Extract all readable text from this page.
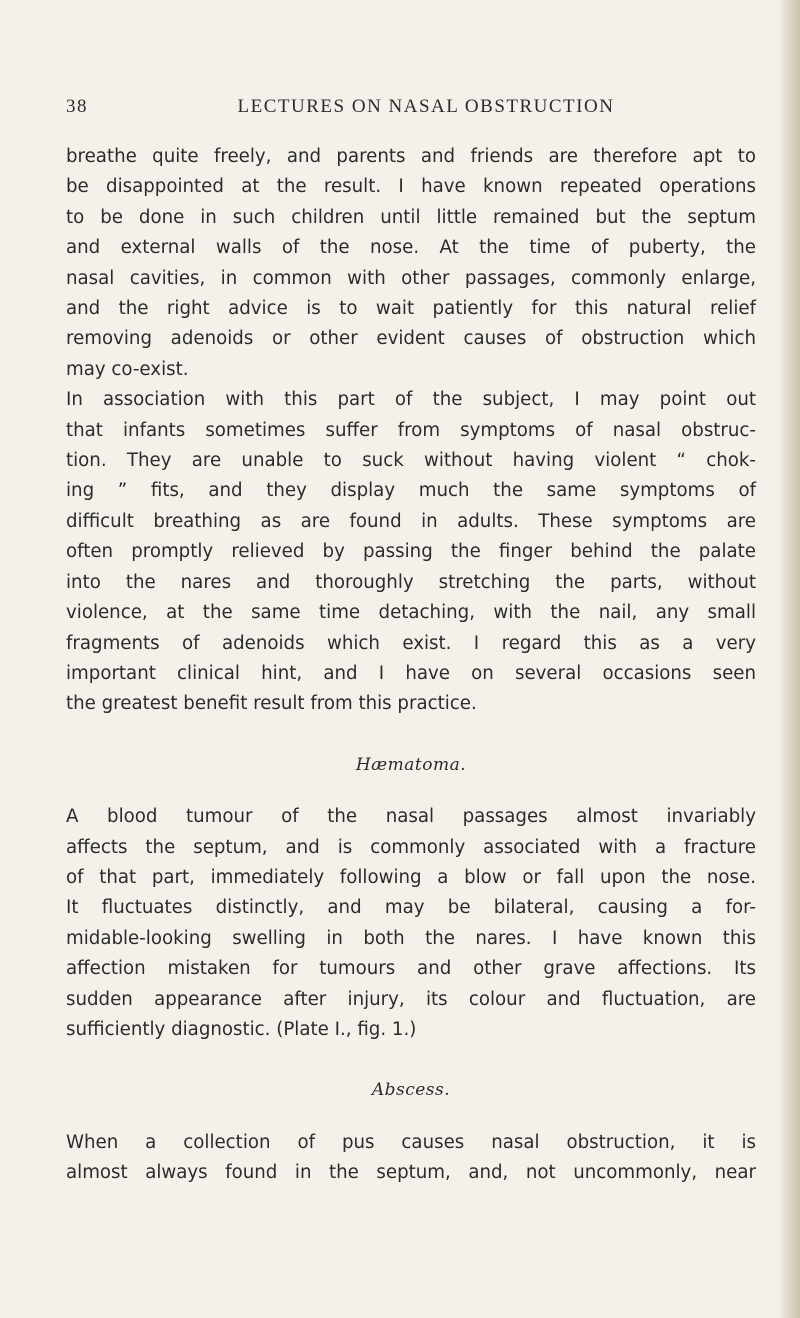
38	LECTURES ON NASAL OBSTRUCTION

breathe quite freely, and parents and friends are therefore apt to
be disappointed at the result. I have known repeated operations
to be done in such children until little remained but the septum
and external walls of the nose. At the time of puberty, the
nasal cavities, in common with other passages, commonly enlarge,
and the right advice is to wait patiently for this natural relief
removing adenoids or other evident causes of obstruction which
may co-exist.

In association with this part of the subject, I may point out
that infants sometimes suffer from symptoms of nasal obstruc-
tion. They are unable to suck without having violent “ chok-
ing ” fits, and they display much the same symptoms of
difficult breathing as are found in adults. These symptoms are
often promptly relieved by passing the finger behind the palate
into the nares and thoroughly stretching the parts, without
violence, at the same time detaching, with the nail, any small
fragments of adenoids which exist. I regard this as a very
important clinical hint, and I have on several occasions seen
the greatest benefit result from this practice.

Hæmatoma.

A blood tumour of the nasal passages almost invariably
affects the septum, and is commonly associated with a fracture
of that part, immediately following a blow or fall upon the nose.
It fluctuates distinctly, and may be bilateral, causing a for-
midable-looking swelling in both the nares. I have known this
affection mistaken for tumours and other grave affections. Its
sudden appearance after injury, its colour and fluctuation, are
sufficiently diagnostic. (Plate I., fig. 1.)

Abscess.

When a collection of pus causes nasal obstruction, it is
almost always found in the septum, and, not uncommonly, near
